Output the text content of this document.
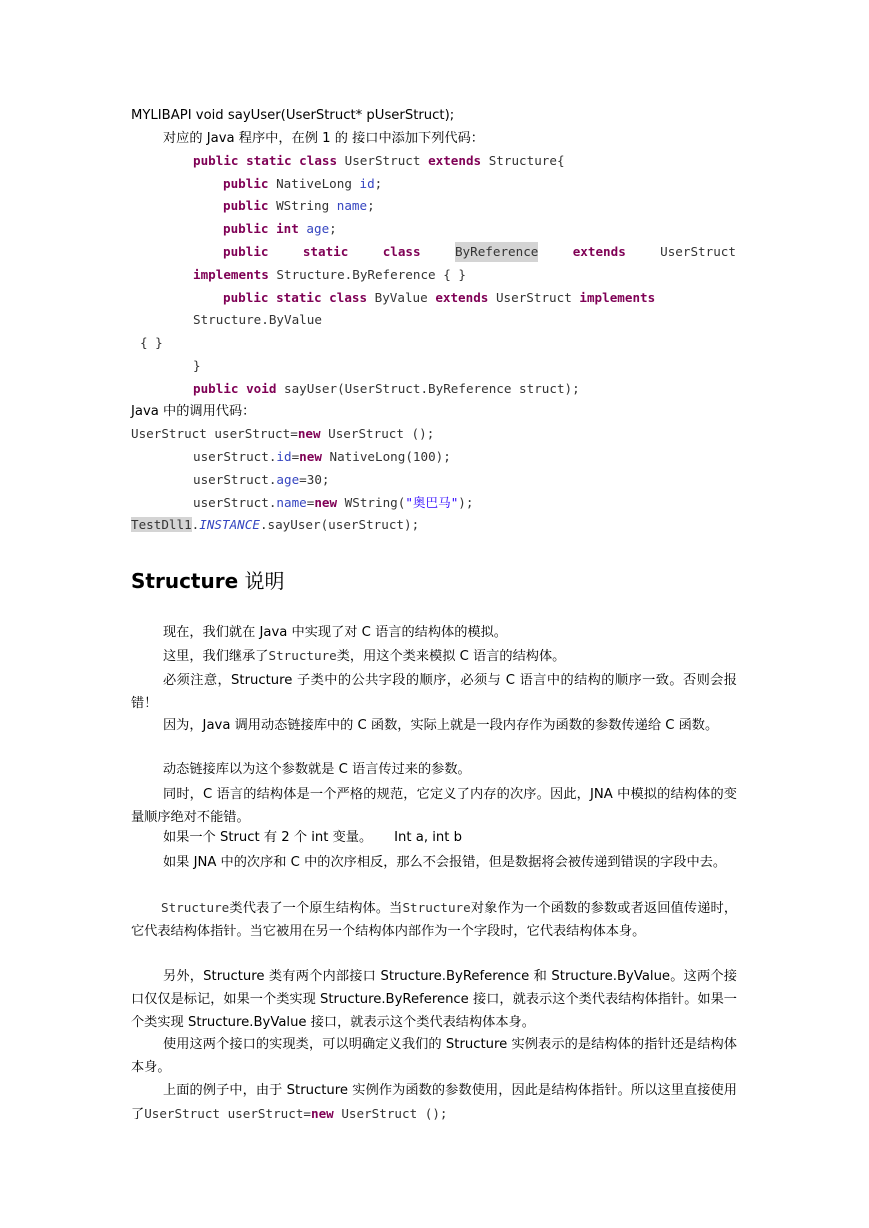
MYLIBAPI void sayUser(UserStruct* pUserStruct);
对应的 Java 程序中，在例 1 的 接口中添加下列代码：
public static class UserStruct extends Structure{
public NativeLong id;
public WString name;
public int age;
public	static	class	ByReference	extends	UserStruct
implements Structure.ByReference { }
public static class ByValue extends UserStruct implements
Structure.ByValue
{ }
}
public void sayUser(UserStruct.ByReference struct);
Java 中的调用代码：
UserStruct userStruct=new UserStruct ();
userStruct.id=new NativeLong(100);
userStruct.age=30;
userStruct.name=new WString("奥巴马");
TestDll1.INSTANCE.sayUser(userStruct);
Structure 说明
现在，我们就在 Java 中实现了对 C 语言的结构体的模拟。
这里，我们继承了Structure类，用这个类来模拟 C 语言的结构体。
必须注意，Structure 子类中的公共字段的顺序，必须与 C 语言中的结构的顺序一致。否则会报错！
因为，Java 调用动态链接库中的 C 函数，实际上就是一段内存作为函数的参数传递给 C 函数。
动态链接库以为这个参数就是 C 语言传过来的参数。
同时，C 语言的结构体是一个严格的规范，它定义了内存的次序。因此，JNA 中模拟的结构体的变量顺序绝对不能错。
如果一个 Struct 有 2 个 int 变量。 Int a, int b
如果 JNA 中的次序和 C 中的次序相反，那么不会报错，但是数据将会被传递到错误的字段中去。
Structure类代表了一个原生结构体。当Structure对象作为一个函数的参数或者返回值传递时，它代表结构体指针。当它被用在另一个结构体内部作为一个字段时，它代表结构体本身。
另外，Structure 类有两个内部接口 Structure.ByReference 和 Structure.ByValue。这两个接口仅仅是标记，如果一个类实现 Structure.ByReference 接口，就表示这个类代表结构体指针。如果一个类实现 Structure.ByValue 接口，就表示这个类代表结构体本身。
使用这两个接口的实现类，可以明确定义我们的 Structure 实例表示的是结构体的指针还是结构体本身。
上面的例子中，由于 Structure 实例作为函数的参数使用，因此是结构体指针。所以这里直接使用了UserStruct userStruct=new UserStruct ();
